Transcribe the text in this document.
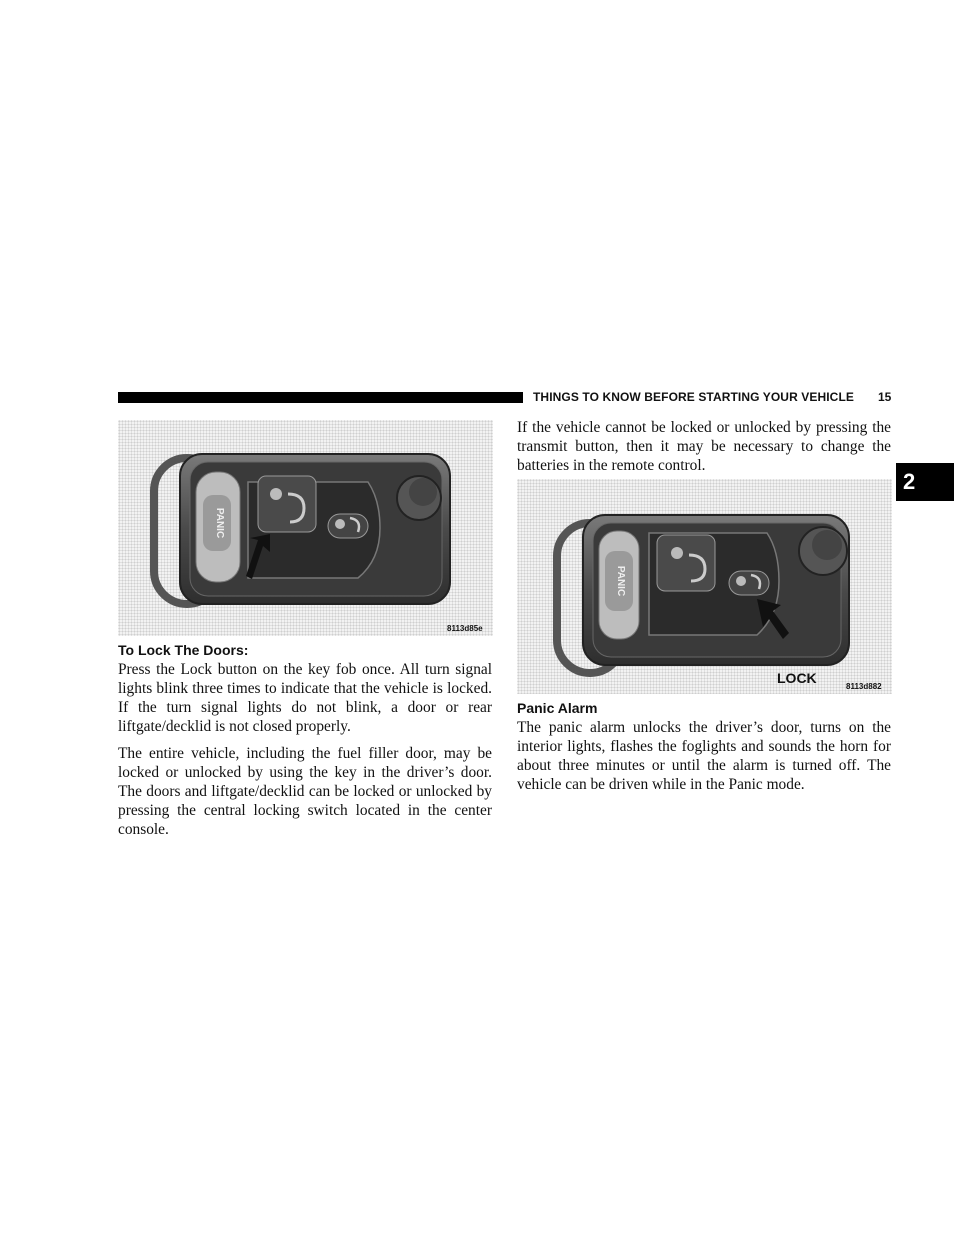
THINGS TO KNOW BEFORE STARTING YOUR VEHICLE 15
2
PANIC
8113d85e
To Lock The Doors:

Press the Lock button on the key fob once. All turn signal lights blink three times to indicate that the vehicle is locked. If the turn signal lights do not blink, a door or rear liftgate/decklid is not closed properly.

The entire vehicle, including the fuel filler door, may be locked or unlocked by using the key in the driver’s door. The doors and liftgate/decklid can be locked or unlocked by pressing the central locking switch located in the center console.

If the vehicle cannot be locked or unlocked by pressing the transmit button, then it may be necessary to change the batteries in the remote control.

PANIC
LOCK
8113d882
Panic Alarm

The panic alarm unlocks the driver’s door, turns on the interior lights, flashes the foglights and sounds the horn for about three minutes or until the alarm is turned off. The vehicle can be driven while in the Panic mode.
